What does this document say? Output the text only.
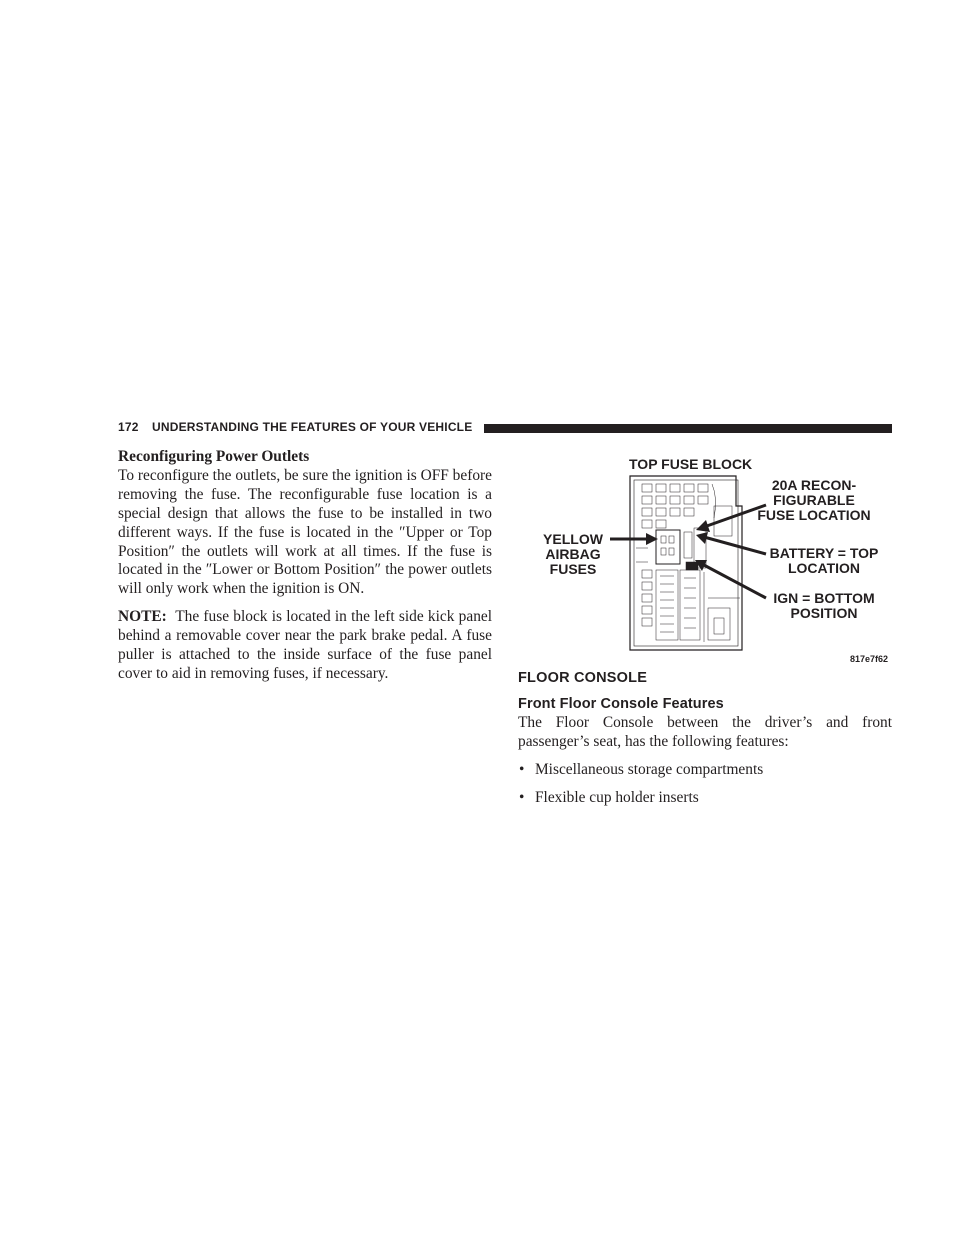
172 UNDERSTANDING THE FEATURES OF YOUR VEHICLE

Reconfiguring Power Outlets

To reconfigure the outlets, be sure the ignition is OFF before removing the fuse. The reconfigurable fuse location is a special design that allows the fuse to be installed in two different ways. If the fuse is located in the ″Upper or Top Position″ the outlets will work at all times. If the fuse is located in the ″Lower or Bottom Position″ the power outlets will only work when the ignition is ON.

NOTE: The fuse block is located in the left side kick panel behind a removable cover near the park brake pedal. A fuse puller is attached to the inside surface of the fuse panel cover to aid in removing fuses, if necessary.

TOP FUSE BLOCK
20A RECON-
FIGURABLE
FUSE LOCATION
YELLOW
AIRBAG
FUSES
BATTERY = TOP
LOCATION
IGN = BOTTOM
POSITION
817e7f62

FLOOR CONSOLE

Front Floor Console Features

The Floor Console between the driver’s and front passenger’s seat, has the following features:

• Miscellaneous storage compartments

• Flexible cup holder inserts
